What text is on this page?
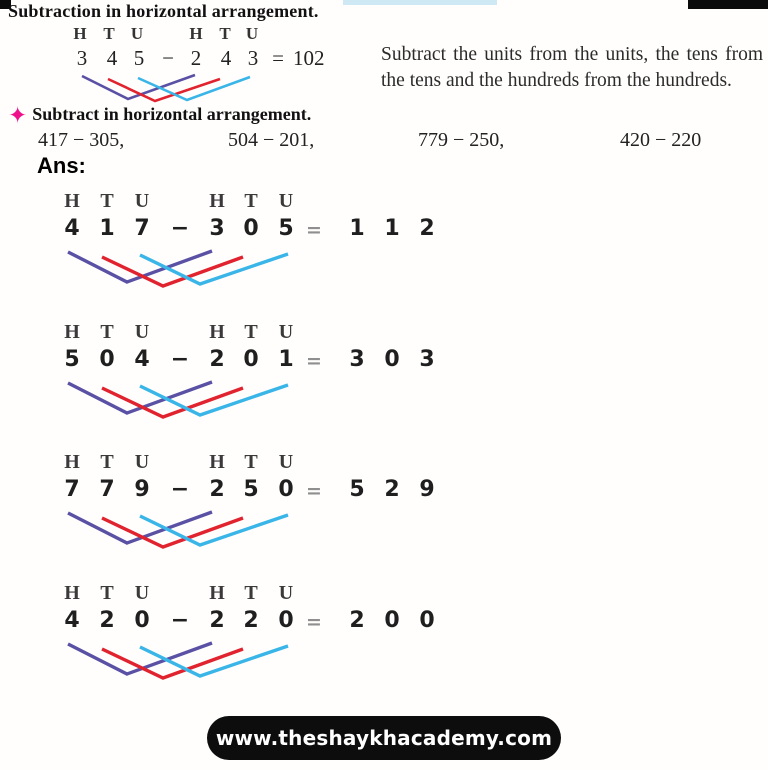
Subtraction in horizontal arrangement.
H T U	H T U
3 4 5 − 2 4 3 = 102	Subtract the units from the units, the tens from the tens and the hundreds from the hundreds.

✦ Subtract in horizontal arrangement.
417 − 305,	504 − 201,	779 − 250,	420 − 220
Ans:
H T U	H T U
4 1 7 − 3 0 5 = 1 1 2
H T U	H T U
5 0 4 − 2 0 1 = 3 0 3
H T U	H T U
7 7 9 − 2 5 0 = 5 2 9
H T U	H T U
4 2 0 − 2 2 0 = 2 0 0
www.theshaykhacademy.com
